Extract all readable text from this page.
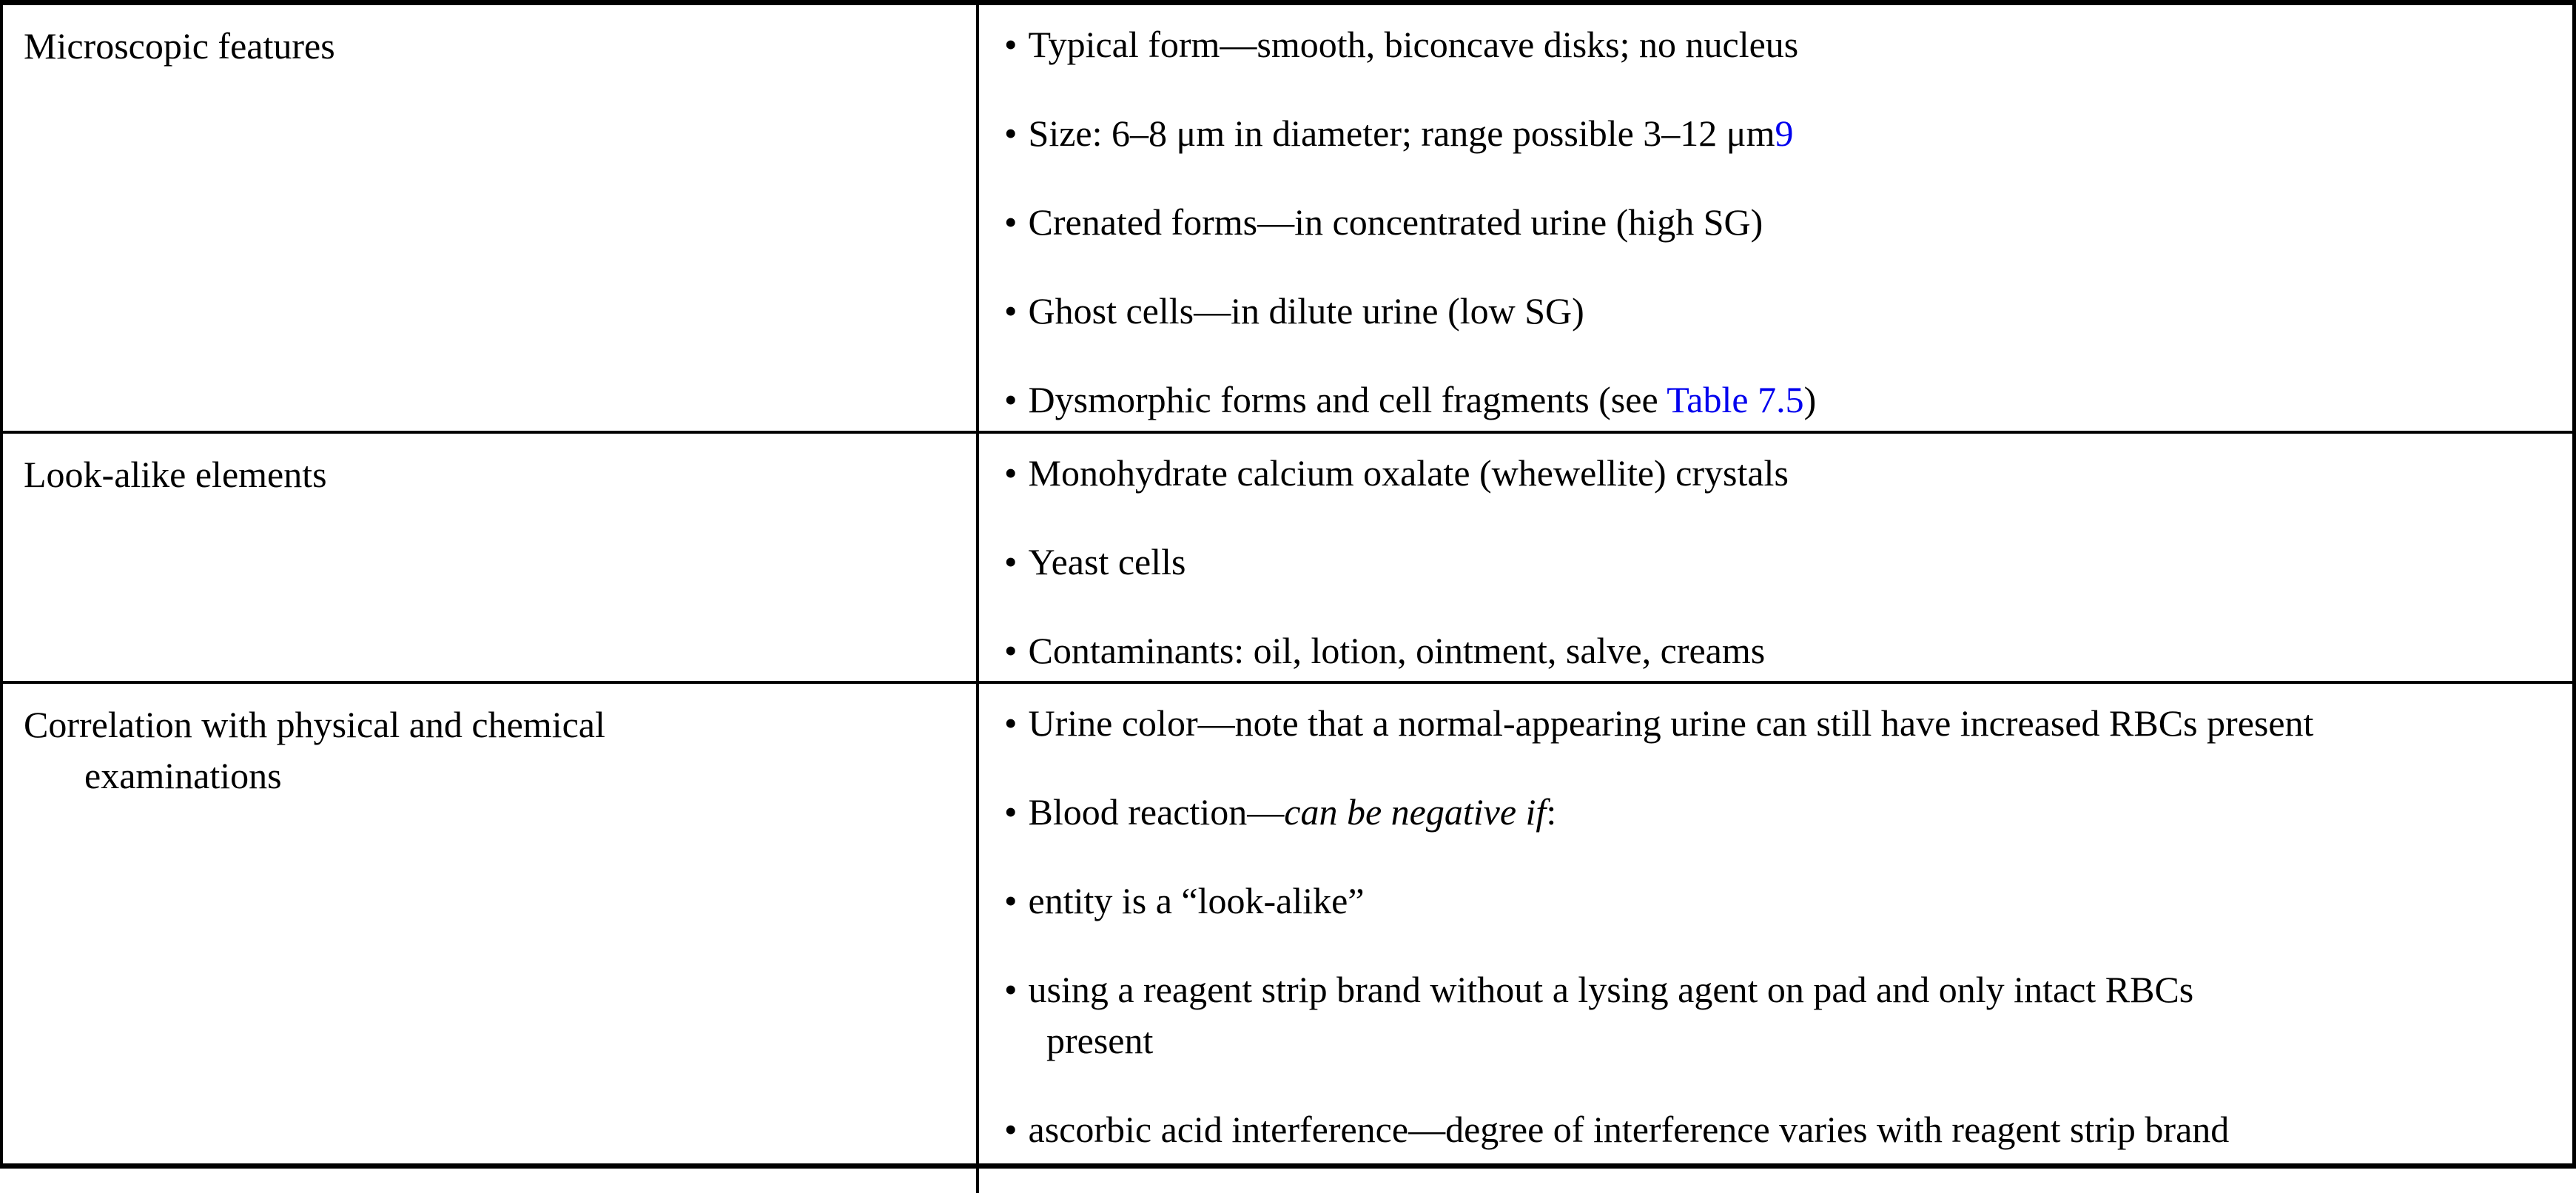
Microscopic features	• Typical form—smooth, biconcave disks; no nucleus

• Size: 6–8 μm in diameter; range possible 3–12 μm9

• Crenated forms—in concentrated urine (high SG)

• Ghost cells—in dilute urine (low SG)

• Dysmorphic forms and cell fragments (see Table 7.5)

Look-alike elements	• Monohydrate calcium oxalate (whewellite) crystals

• Yeast cells

• Contaminants: oil, lotion, ointment, salve, creams

Correlation with physical and chemical
examinations

• Urine color—note that a normal-appearing urine can still have increased RBCs present

• Blood reaction—can be negative if:

• entity is a “look-alike”

• using a reagent strip brand without a lysing agent on pad and only intact RBCs
present

• ascorbic acid interference—degree of interference varies with reagent strip brand
